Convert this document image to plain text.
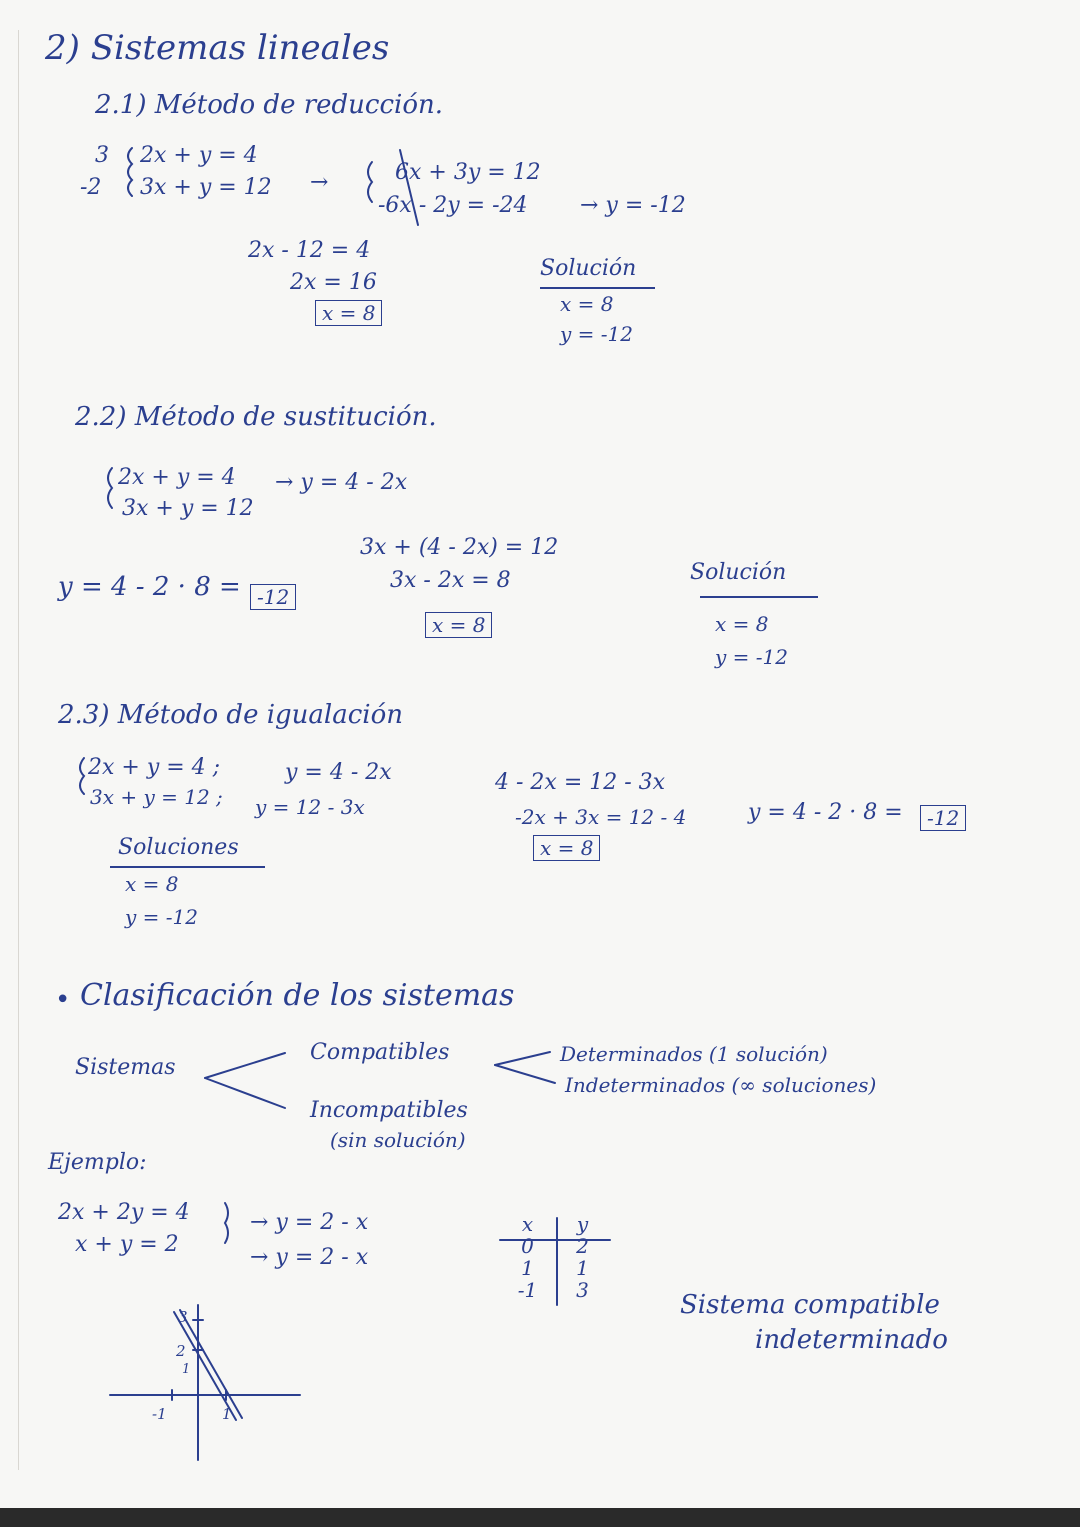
2) Sistemas lineales
2.1) Método de reducción.
3
-2
2x + y = 4
3x + y = 12 →	6x + 3y = 12
-6x - 2y = -24 → y = -12
2x - 12 = 4
2x = 16
x = 8
Solución
x = 8
y = -12
2.2) Método de sustitución.
2x + y = 4 → y = 4 - 2x
3x + y = 12
3x + (4 - 2x) = 12
3x - 2x = 8
x = 8
y = 4 - 2 · 8 = -12
Solución
x = 8
y = -12
2.3) Método de igualación
2x + y = 4 ;	y = 4 - 2x
3x + y = 12 ; y = 12 - 3x
4 - 2x = 12 - 3x
-2x + 3x = 12 - 4
x = 8
y = 4 - 2 · 8 =	-12
Soluciones
x = 8
y = -12
• Clasificación de los sistemas
Sistemas
Compatibles	Determinados (1 solución)
Indeterminados (∞ soluciones)
Incompatibles
(sin solución)
Ejemplo:
2x + 2y = 4	→ y = 2 - x
x + y = 2
→ y = 2 - x
x	y
0	2
1	1
-1	3	Sistema compatible
indeterminado
3
2
1
-1	1
